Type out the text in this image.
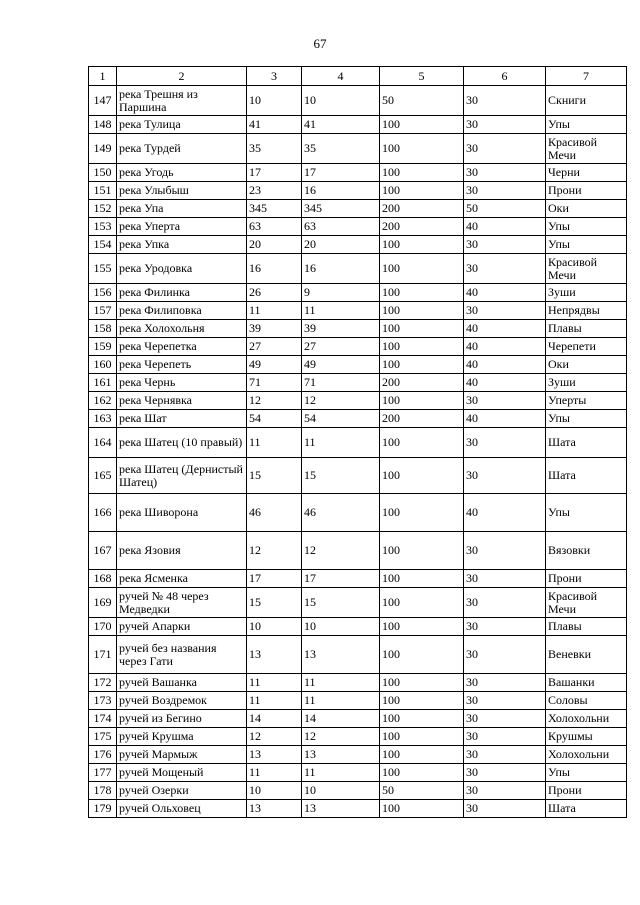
67
1	2	3	4	5	6	7
147	река Трешня из Паршина	10	10	50	30	Скниги
148	река Тулица	41	41	100	30	Упы
149	река Турдей	35	35	100	30	Красивой Мечи
150	река Угодь	17	17	100	30	Черни
151	река Улыбыш	23	16	100	30	Прони
152	река Упа	345	345	200	50	Оки
153	река Уперта	63	63	200	40	Упы
154	река Упка	20	20	100	30	Упы
155	река Уродовка	16	16	100	30	Красивой Мечи
156	река Филинка	26	9	100	40	Зуши
157	река Филиповка	11	11	100	30	Непрядвы
158	река Холохольня	39	39	100	40	Плавы
159	река Черепетка	27	27	100	40	Черепети
160	река Черепеть	49	49	100	40	Оки
161	река Чернь	71	71	200	40	Зуши
162	река Чернявка	12	12	100	30	Уперты
163	река Шат	54	54	200	40	Упы
164	река Шатец (10 правый)	11	11	100	30	Шата
165	река Шатец (Дернистый Шатец)	15	15	100	30	Шата
166	река Шиворона	46	46	100	40	Упы
167	река Язовия	12	12	100	30	Вязовки
168	река Ясменка	17	17	100	30	Прони
169	ручей № 48 через Медведки	15	15	100	30	Красивой Мечи
170	ручей Апарки	10	10	100	30	Плавы
171	ручей без названия через Гати	13	13	100	30	Веневки
172	ручей Вашанка	11	11	100	30	Вашанки
173	ручей Воздремок	11	11	100	30	Соловы
174	ручей из Бегино	14	14	100	30	Холохольни
175	ручей Крушма	12	12	100	30	Крушмы
176	ручей Мармыж	13	13	100	30	Холохольни
177	ручей Мощеный	11	11	100	30	Упы
178	ручей Озерки	10	10	50	30	Прони
179	ручей Ольховец	13	13	100	30	Шата
